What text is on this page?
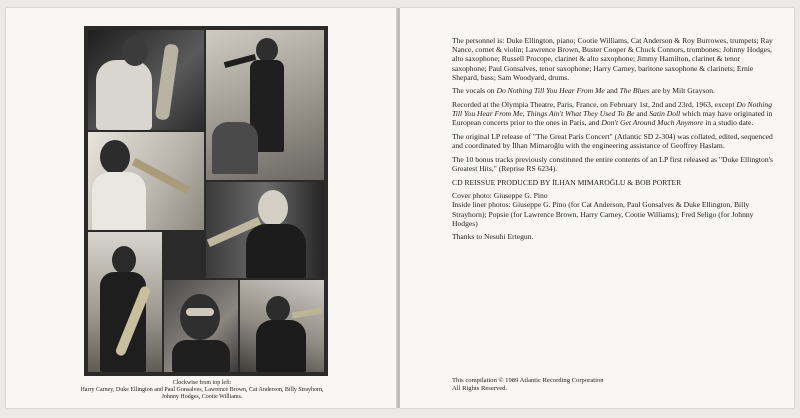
Clockwise from top left:
Harry Carney, Duke Ellington and Paul Gonsalves, Lawrence Brown, Cat Anderson, Billy Strayhorn,
Johnny Hodges, Cootie Williams.

The personnel is: Duke Ellington, piano; Cootie Williams, Cat Anderson & Roy Burrowes, trumpets; Ray Nance, cornet & violin; Lawrence Brown, Buster Cooper & Chuck Connors, trombones; Johnny Hodges, alto saxophone; Russell Procope, clarinet & alto saxophone; Jimmy Hamilton, clarinet & tenor saxophone; Paul Gonsalves, tenor saxophone; Harry Carney, baritone saxophone & clarinets; Ernie Shepard, bass; Sam Woodyard, drums.

The vocals on Do Nothing Till You Hear From Me and The Blues are by Milt Grayson.

Recorded at the Olympia Theatre, Paris, France, on February 1st, 2nd and 23rd, 1963, except Do Nothing Till You Hear From Me, Things Ain't What They Used To Be and Satin Doll which may have originated in European concerts prior to the ones in Paris, and Don't Get Around Much Anymore in a studio date.

The original LP release of "The Great Paris Concert" (Atlantic SD 2-304) was collated, edited, sequenced and coordinated by İlhan Mimaroğlu with the engineering assistance of Geoffrey Haslam.

The 10 bonus tracks previously constituted the entire contents of an LP first released as "Duke Ellington's Greatest Hits," (Reprise RS 6234).

CD REISSUE PRODUCED BY İLHAN MIMAROĞLU & BOB PORTER

Cover photo: Giuseppe G. Pino
Inside liner photos: Giuseppe G. Pino (for Cat Anderson, Paul Gonsalves & Duke Ellington, Billy Strayhorn); Popsie (for Lawrence Brown, Harry Carney, Cootie Williams); Fred Seligo (for Johnny Hodges)

Thanks to Nesuhi Ertegun.

This compilation © 1989 Atlantic Recording Corporation
All Rights Reserved.
